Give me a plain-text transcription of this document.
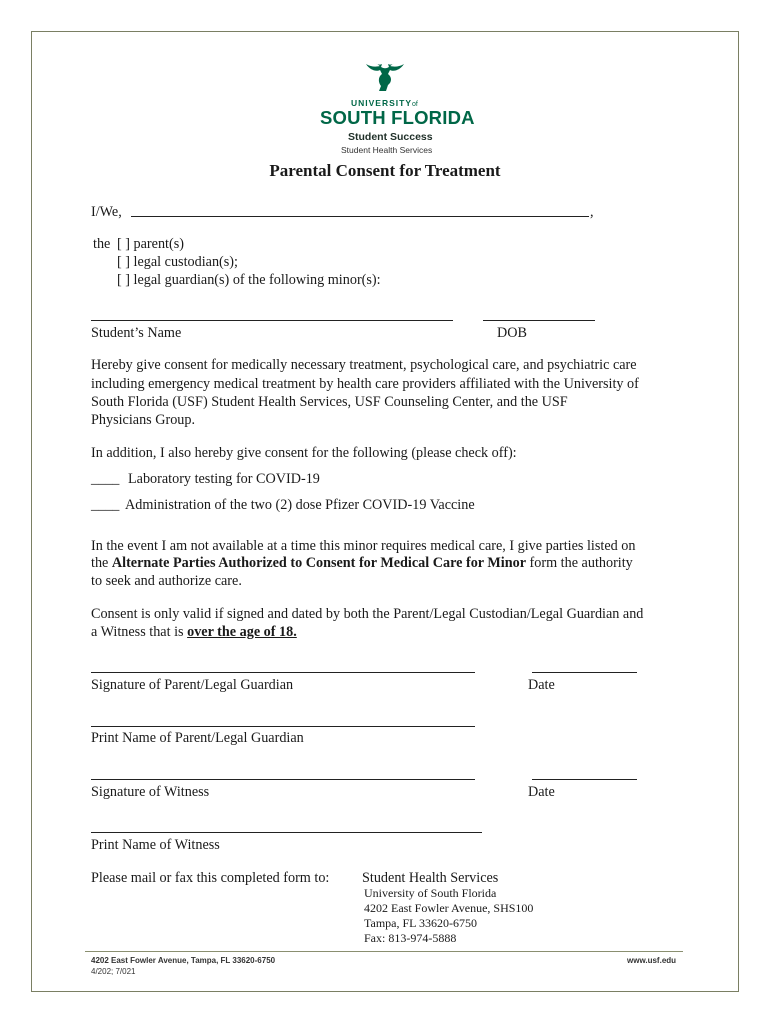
UNIVERSITYof
SOUTH FLORIDA
Student Success
Student Health Services
Parental Consent for Treatment
I/We,	,
the [ ] parent(s)
[ ] legal custodian(s);
[ ] legal guardian(s) of the following minor(s):
Student’s Name	DOB
Hereby give consent for medically necessary treatment, psychological care, and psychiatric care
including emergency medical treatment by health care providers affiliated with the University of
South Florida (USF) Student Health Services, USF Counseling Center, and the USF
Physicians Group.
In addition, I also hereby give consent for the following (please check off):
____ Laboratory testing for COVID-19
____ Administration of the two (2) dose Pfizer COVID-19 Vaccine
In the event I am not available at a time this minor requires medical care, I give parties listed on
the Alternate Parties Authorized to Consent for Medical Care for Minor form the authority
to seek and authorize care.
Consent is only valid if signed and dated by both the Parent/Legal Custodian/Legal Guardian and
a Witness that is over the age of 18.
Signature of Parent/Legal Guardian	Date
Print Name of Parent/Legal Guardian
Signature of Witness	Date
Print Name of Witness
Please mail or fax this completed form to: Student Health Services
University of South Florida
4202 East Fowler Avenue, SHS100
Tampa, FL 33620-6750
Fax: 813-974-5888
4202 East Fowler Avenue, Tampa, FL 33620-6750
4/202; 7/021
www.usf.edu
